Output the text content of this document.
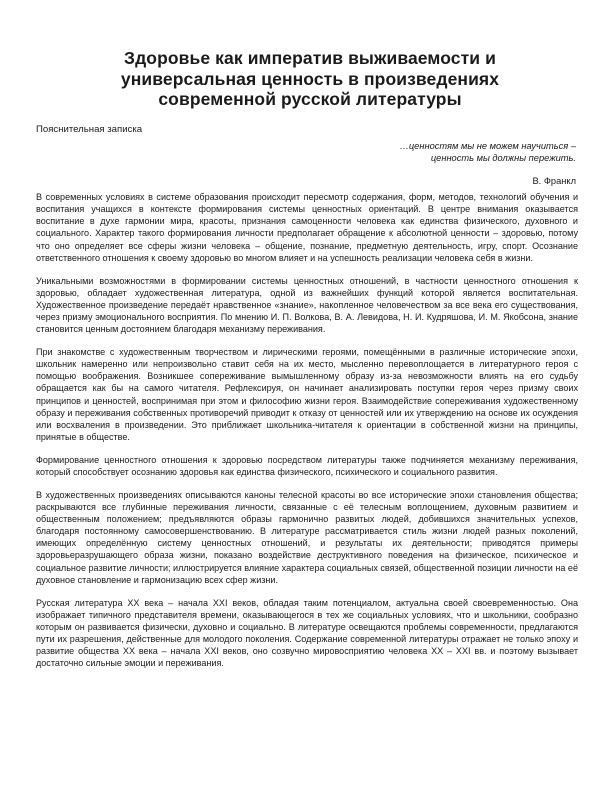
Здоровье как императив выживаемости и
универсальная ценность в произведениях
современной русской литературы

Пояснительная записка

…ценностям мы не можем научиться –
ценность мы должны пережить.
В. Франкл

В современных условиях в системе образования происходит пересмотр содержания, форм, методов, технологий обучения и воспитания учащихся в контексте формирования системы ценностных ориентаций. В центре внимания оказывается воспитание в духе гармонии мира, красоты, признания самоценности человека как единства физического, духовного и социального. Характер такого формирования личности предполагает обращение к абсолютной ценности – здоровью, потому что оно определяет все сферы жизни человека – общение, познание, предметную деятельность, игру, спорт. Осознание ответственного отношения к своему здоровью во многом влияет и на успешность реализации человека себя в жизни.

Уникальными возможностями в формировании системы ценностных отношений, в частности ценностного отношения к здоровью, обладает художественная литература, одной из важнейших функций которой является воспитательная. Художественное произведение передаёт нравственное «знание», накопленное человечеством за все века его существования, через призму эмоционального восприятия. По мнению И. П. Волкова, В. А. Левидова, Н. И. Кудряшова, И. М. Якобсона, знание становится ценным достоянием благодаря механизму переживания.

При знакомстве с художественным творчеством и лирическими героями, помещёнными в различные исторические эпохи, школьник намеренно или непроизвольно ставит себя на их место, мысленно перевоплощается в литературного героя с помощью воображения. Возникшее сопереживание вымышленному образу из-за невозможности влиять на его судьбу обращается как бы на самого читателя. Рефлексируя, он начинает анализировать поступки героя через призму своих принципов и ценностей, воспринимая при этом и философию жизни героя. Взаимодействие сопереживания художественному образу и переживания собственных противоречий приводит к отказу от ценностей или их утверждению на основе их осуждения или восхваления в произведении. Это приближает школьника-читателя к ориентации в собственной жизни на принципы, принятые в обществе.

Формирование ценностного отношения к здоровью посредством литературы также подчиняется механизму переживания, который способствует осознанию здоровья как единства физического, психического и социального развития.

В художественных произведениях описываются каноны телесной красоты во все исторические эпохи становления общества; раскрываются все глубинные переживания личности, связанные с её телесным воплощением, духовным развитием и общественным положением; предъявляются образы гармонично развитых людей, добившихся значительных успехов, благодаря постоянному самосовершенствованию. В литературе рассматривается стиль жизни людей разных поколений, имеющих определённую систему ценностных отношений, и результаты их деятельности; приводятся примеры здоровьеразрушающего образа жизни, показано воздействие деструктивного поведения на физическое, психическое и социальное развитие личности; иллюстрируется влияние характера социальных связей, общественной позиции личности на её духовное становление и гармонизацию всех сфер жизни.

Русская литература XX века – начала XXI веков, обладая таким потенциалом, актуальна своей своевременностью. Она изображает типичного представителя времени, оказывающегося в тех же социальных условиях, что и школьники, сообразно которым он развивается физически, духовно и социально. В литературе освещаются проблемы современности, предлагаются пути их разрешения, действенные для молодого поколения. Содержание современной литературы отражает не только эпоху и развитие общества XX века – начала XXI веков, оно созвучно мировосприятию человека XX – XXI вв. и поэтому вызывает достаточно сильные эмоции и переживания.
